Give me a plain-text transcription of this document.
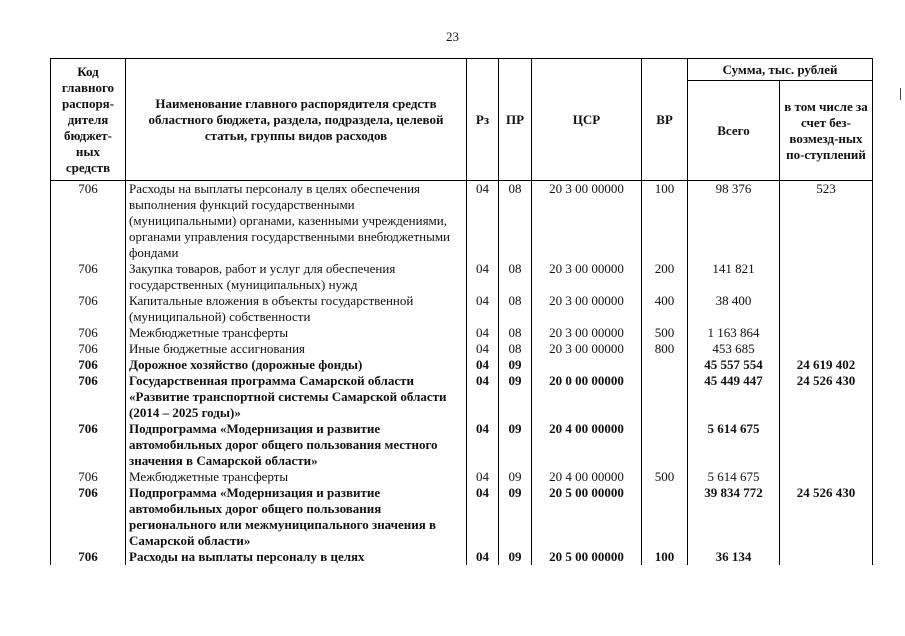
23
Код главного распоря-дителя бюджет-ных средств	Наименование главного распорядителя средств областного бюджета, раздела, подраздела, целевой статьи, группы видов расходов	Рз	ПР	ЦСР	ВР	Сумма, тыс. рублей	
						Всего	в том числе за счет без-возмезд-ных по-ступлений
706	Расходы на выплаты персоналу в целях обеспечения выполнения функций государственными (муниципальными) органами, казенными учреждениями, органами управления государственными внебюджетными фондами	04	08	20 3 00 00000	100	98 376	523
706	Закупка товаров, работ и услуг для обеспечения государственных (муниципальных) нужд	04	08	20 3 00 00000	200	141 821	
706	Капитальные вложения в объекты государственной (муниципальной) собственности	04	08	20 3 00 00000	400	38 400	
706	Межбюджетные трансферты	04	08	20 3 00 00000	500	1 163 864	
706	Иные бюджетные ассигнования	04	08	20 3 00 00000	800	453 685	
706	Дорожное хозяйство (дорожные фонды)	04	09			45 557 554	24 619 402
706	Государственная программа Самарской области «Развитие транспортной системы Самарской области (2014 – 2025 годы)»	04	09	20 0 00 00000		45 449 447	24 526 430
706	Подпрограмма «Модернизация и развитие автомобильных дорог общего пользования местного значения в Самарской области»	04	09	20 4 00 00000		5 614 675	
706	Межбюджетные трансферты	04	09	20 4 00 00000	500	5 614 675	
706	Подпрограмма «Модернизация и развитие автомобильных дорог общего пользования регионального или межмуниципального значения в Самарской области»	04	09	20 5 00 00000		39 834 772	24 526 430
706	Расходы на выплаты персоналу в целях	04	09	20 5 00 00000	100	36 134	
